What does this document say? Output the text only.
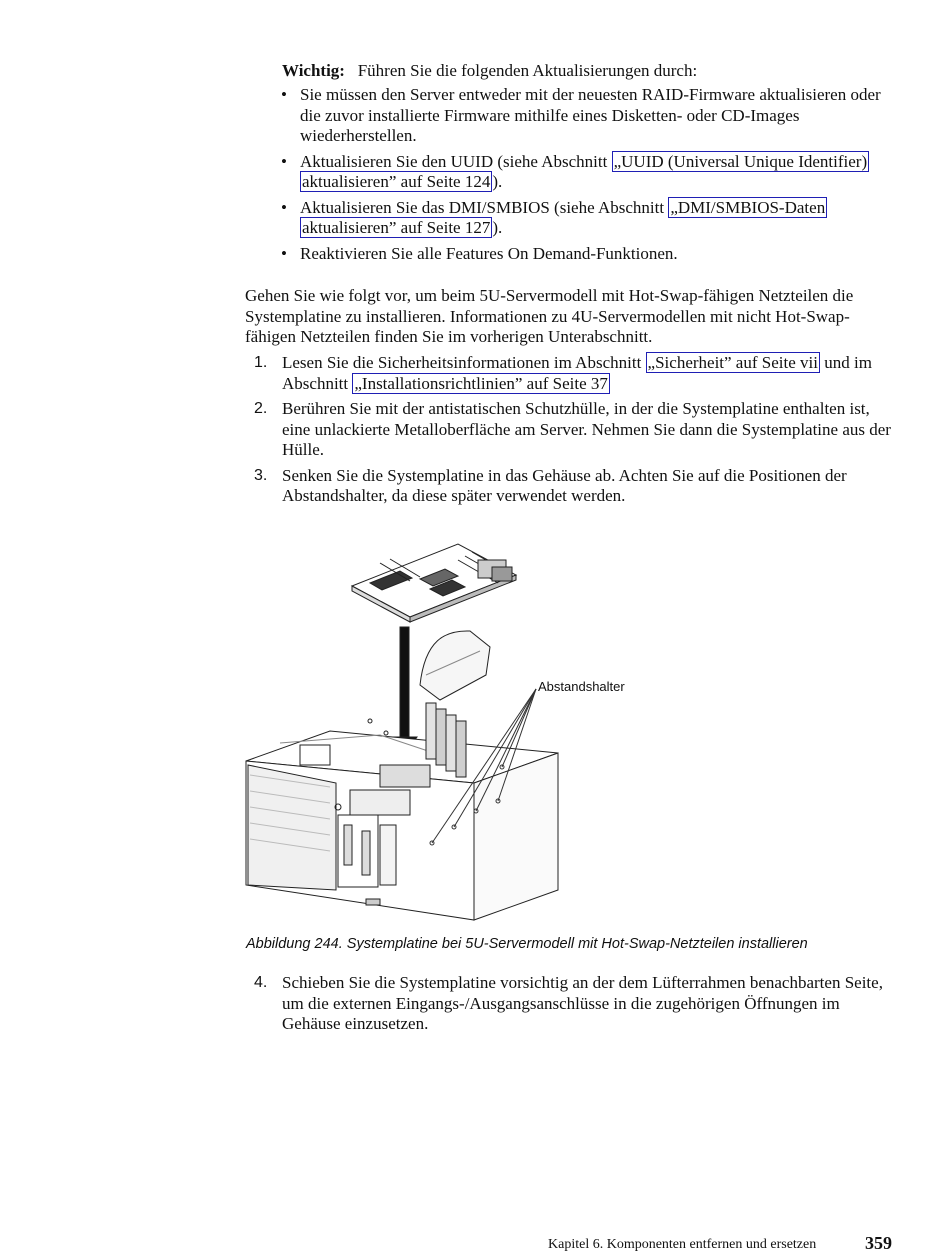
Wichtig: Führen Sie die folgenden Aktualisierungen durch:
• Sie müssen den Server entweder mit der neuesten RAID-Firmware aktualisieren oder die zuvor installierte Firmware mithilfe eines Disketten- oder CD-Images wiederherstellen.
• Aktualisieren Sie den UUID (siehe Abschnitt „UUID (Universal Unique Identifier) aktualisieren” auf Seite 124 ).
• Aktualisieren Sie das DMI/SMBIOS (siehe Abschnitt „DMI/SMBIOS-Daten aktualisieren” auf Seite 127 ).
• Reaktivieren Sie alle Features On Demand-Funktionen.
Gehen Sie wie folgt vor, um beim 5U-Servermodell mit Hot-Swap-fähigen Netzteilen die Systemplatine zu installieren. Informationen zu 4U-Servermodellen mit nicht Hot-Swap-fähigen Netzteilen finden Sie im vorherigen Unterabschnitt.
1. Lesen Sie die Sicherheitsinformationen im Abschnitt „Sicherheit” auf Seite vii und im Abschnitt „Installationsrichtlinien” auf Seite 37
2. Berühren Sie mit der antistatischen Schutzhülle, in der die Systemplatine enthalten ist, eine unlackierte Metalloberfläche am Server. Nehmen Sie dann die Systemplatine aus der Hülle.
3. Senken Sie die Systemplatine in das Gehäuse ab. Achten Sie auf die Positionen der Abstandshalter, da diese später verwendet werden.
Abstandshalter
Abbildung 244. Systemplatine bei 5U-Servermodell mit Hot-Swap-Netzteilen installieren
4. Schieben Sie die Systemplatine vorsichtig an der dem Lüfterrahmen benachbarten Seite, um die externen Eingangs-/Ausgangsanschlüsse in die zugehörigen Öffnungen im Gehäuse einzusetzen.
Kapitel 6. Komponenten entfernen und ersetzen	359
